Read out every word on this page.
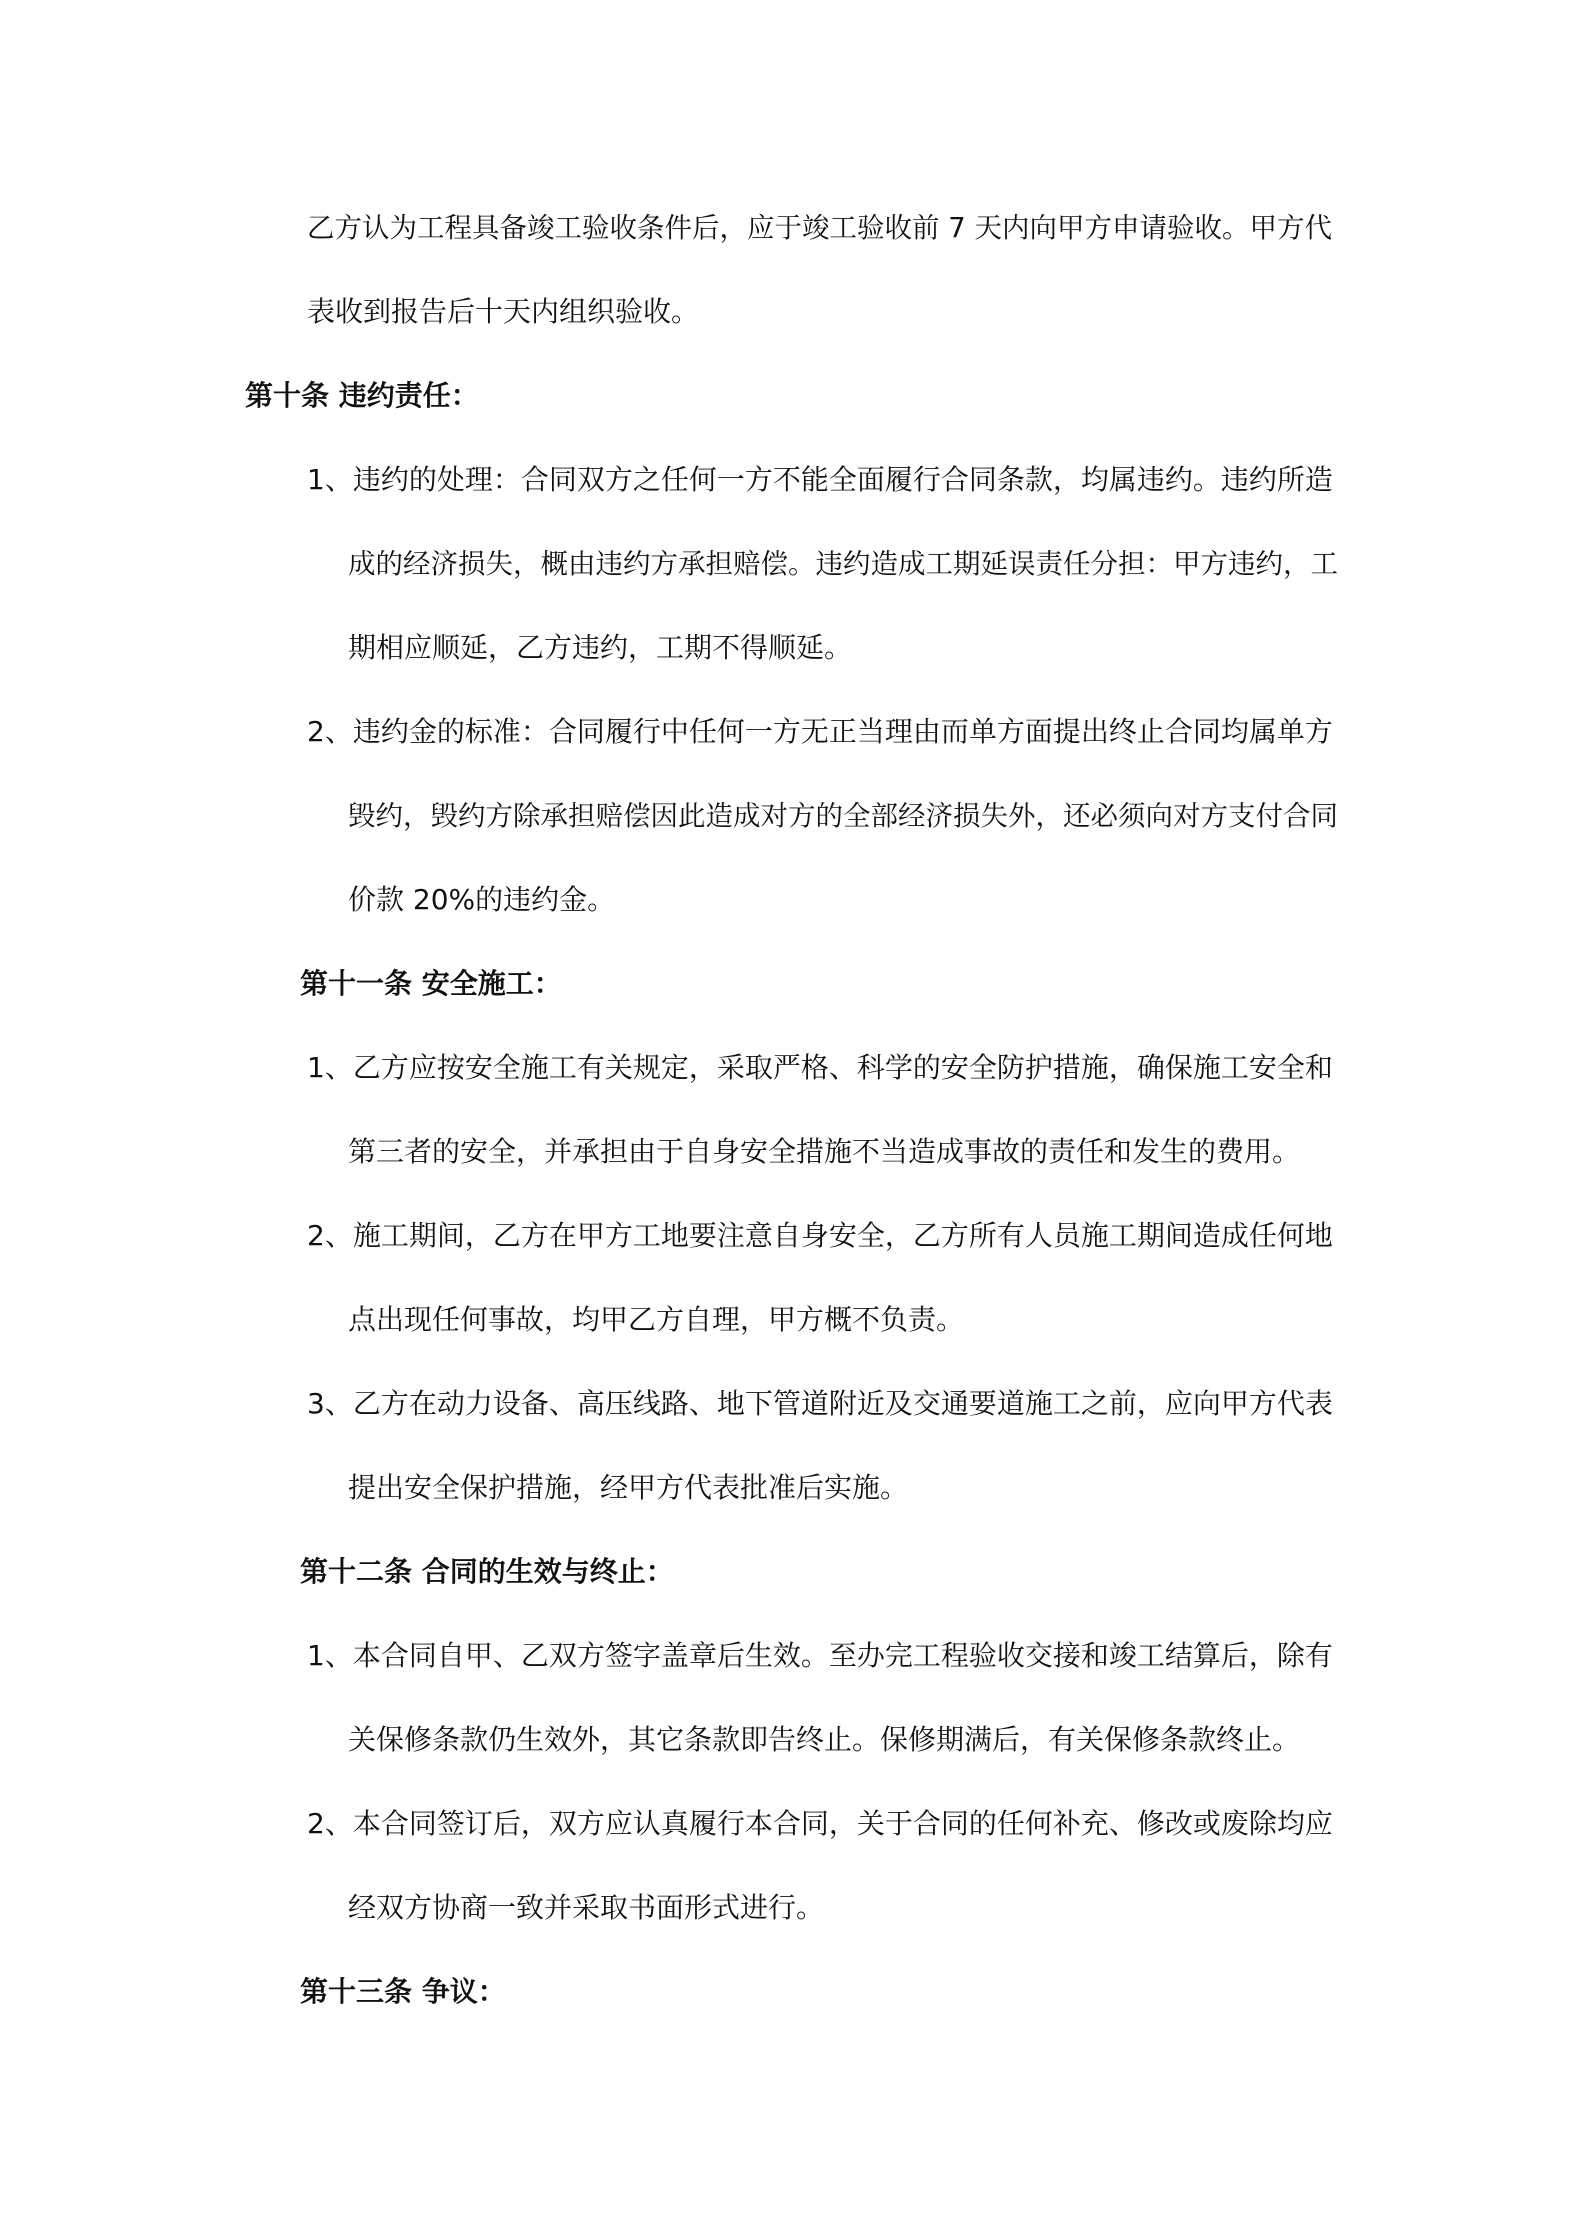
乙方认为工程具备竣工验收条件后，应于竣工验收前 7 天内向甲方申请验收。甲方代
表收到报告后十天内组织验收。
第十条 违约责任：
1、违约的处理：合同双方之任何一方不能全面履行合同条款，均属违约。违约所造
成的经济损失，概由违约方承担赔偿。违约造成工期延误责任分担：甲方违约，工
期相应顺延，乙方违约，工期不得顺延。
2、违约金的标准：合同履行中任何一方无正当理由而单方面提出终止合同均属单方
毁约，毁约方除承担赔偿因此造成对方的全部经济损失外，还必须向对方支付合同
价款 20%的违约金。
第十一条 安全施工：
1、乙方应按安全施工有关规定，采取严格、科学的安全防护措施，确保施工安全和
第三者的安全，并承担由于自身安全措施不当造成事故的责任和发生的费用。
2、施工期间，乙方在甲方工地要注意自身安全，乙方所有人员施工期间造成任何地
点出现任何事故，均甲乙方自理，甲方概不负责。
3、乙方在动力设备、高压线路、地下管道附近及交通要道施工之前，应向甲方代表
提出安全保护措施，经甲方代表批准后实施。
第十二条 合同的生效与终止：
1、本合同自甲、乙双方签字盖章后生效。至办完工程验收交接和竣工结算后，除有
关保修条款仍生效外，其它条款即告终止。保修期满后，有关保修条款终止。
2、本合同签订后，双方应认真履行本合同，关于合同的任何补充、修改或废除均应
经双方协商一致并采取书面形式进行。
第十三条 争议：
